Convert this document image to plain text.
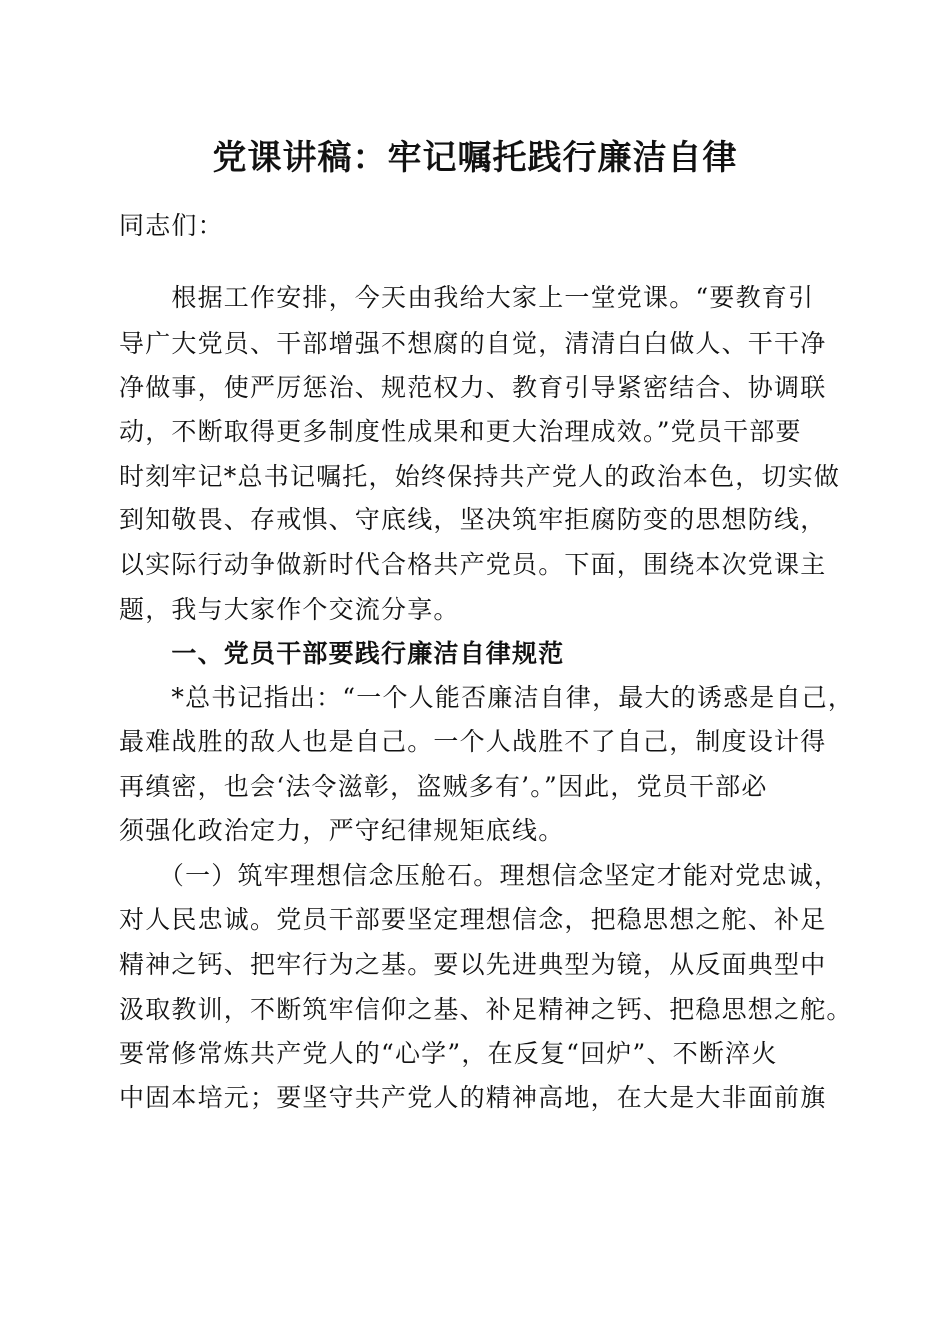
党课讲稿：牢记嘱托践行廉洁自律
同志们：
　　根据工作安排，今天由我给大家上一堂党课。“要教育引
导广大党员、干部增强不想腐的自觉，清清白白做人、干干净
净做事，使严厉惩治、规范权力、教育引导紧密结合、协调联
动，不断取得更多制度性成果和更大治理成效。”党员干部要
时刻牢记*总书记嘱托，始终保持共产党人的政治本色，切实做
到知敬畏、存戒惧、守底线，坚决筑牢拒腐防变的思想防线，
以实际行动争做新时代合格共产党员。下面，围绕本次党课主
题，我与大家作个交流分享。
　　一、党员干部要践行廉洁自律规范
　　*总书记指出：“一个人能否廉洁自律，最大的诱惑是自己，
最难战胜的敌人也是自己。一个人战胜不了自己，制度设计得
再缜密，也会‘法令滋彰，盗贼多有’。”因此，党员干部必
须强化政治定力，严守纪律规矩底线。
　　（一）筑牢理想信念压舱石。理想信念坚定才能对党忠诚，
对人民忠诚。党员干部要坚定理想信念，把稳思想之舵、补足
精神之钙、把牢行为之基。要以先进典型为镜，从反面典型中
汲取教训，不断筑牢信仰之基、补足精神之钙、把稳思想之舵。
要常修常炼共产党人的“心学”，在反复“回炉”、不断淬火
中固本培元；要坚守共产党人的精神高地，在大是大非面前旗
